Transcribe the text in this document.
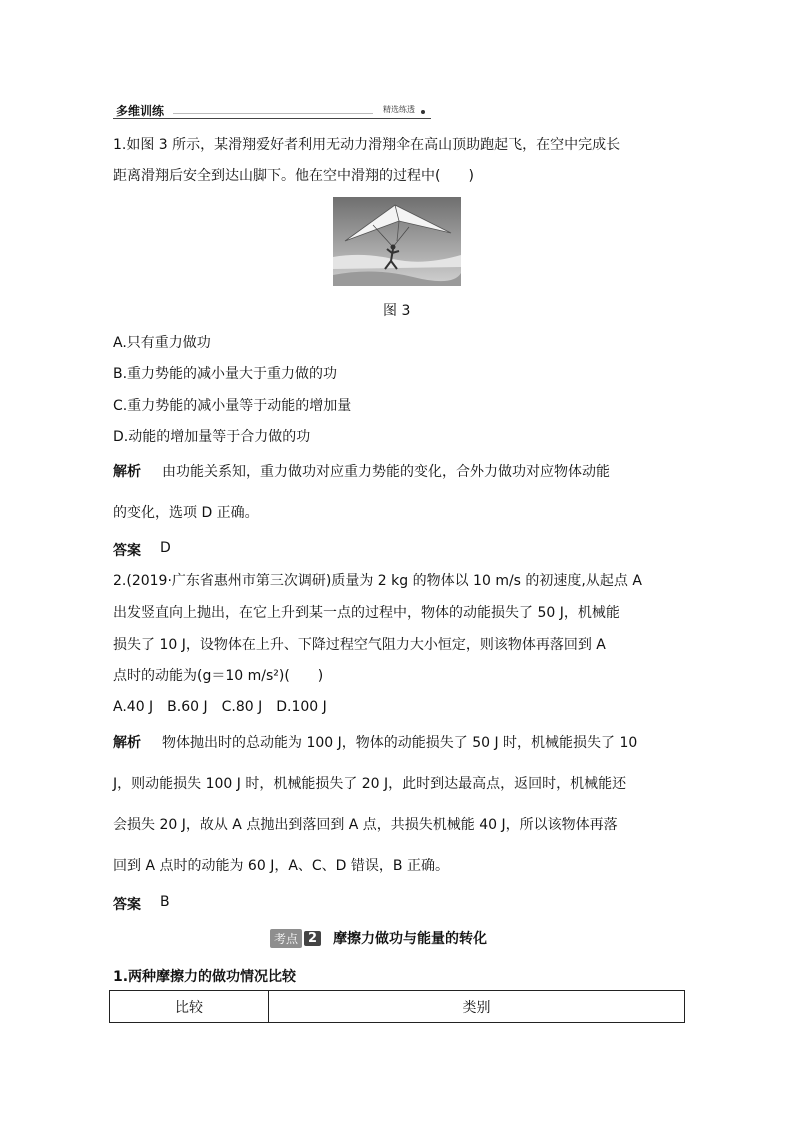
多维训练	精选练透
1.如图 3 所示，某滑翔爱好者利用无动力滑翔伞在高山顶助跑起飞，在空中完成长
距离滑翔后安全到达山脚下。他在空中滑翔的过程中(　　)
图 3
A.只有重力做功
B.重力势能的减小量大于重力做的功
C.重力势能的减小量等于动能的增加量
D.动能的增加量等于合力做的功
解析 由功能关系知，重力做功对应重力势能的变化，合外力做功对应物体动能
的变化，选项 D 正确。
答案 D
2.(2019·广东省惠州市第三次调研)质量为 2 kg 的物体以 10 m/s 的初速度,从起点 A
出发竖直向上抛出，在它上升到某一点的过程中，物体的动能损失了 50 J，机械能
损失了 10 J，设物体在上升、下降过程空气阻力大小恒定，则该物体再落回到 A
点时的动能为(g＝10 m/s²)(　　)
A.40 J　B.60 J　C.80 J　D.100 J
解析 物体抛出时的总动能为 100 J，物体的动能损失了 50 J 时，机械能损失了 10
J，则动能损失 100 J 时，机械能损失了 20 J，此时到达最高点，返回时，机械能还
会损失 20 J，故从 A 点抛出到落回到 A 点，共损失机械能 40 J，所以该物体再落
回到 A 点时的动能为 60 J，A、C、D 错误，B 正确。
答案 B
考点 2 摩擦力做功与能量的转化
1.两种摩擦力的做功情况比较
比较	类别
